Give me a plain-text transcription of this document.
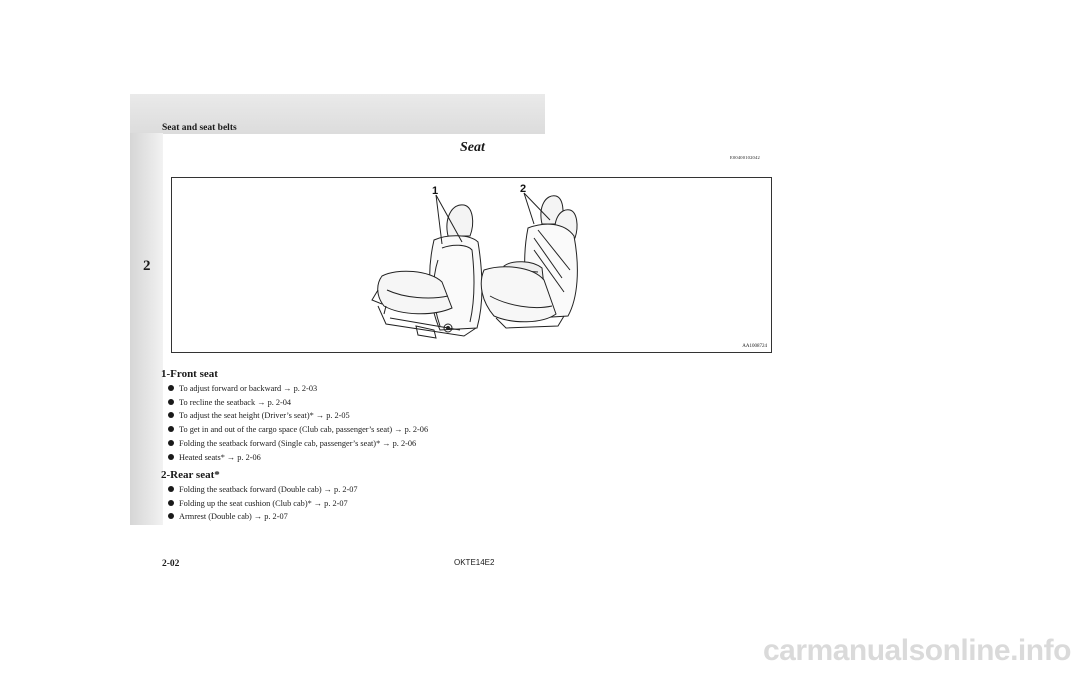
Seat and seat belts
2
Seat
E00400102042
1	2
AA1008724
1-Front seat
To adjust forward or backward → p. 2-03
To recline the seatback → p. 2-04
To adjust the seat height (Driver’s seat)* → p. 2-05
To get in and out of the cargo space (Club cab, passenger’s seat) → p. 2-06
Folding the seatback forward (Single cab, passenger’s seat)* → p. 2-06
Heated seats* → p. 2-06
2-Rear seat*
Folding the seatback forward (Double cab) → p. 2-07
Folding up the seat cushion (Club cab)* → p. 2-07
Armrest (Double cab) → p. 2-07
2-02	OKTE14E2
carmanualsonline.info
